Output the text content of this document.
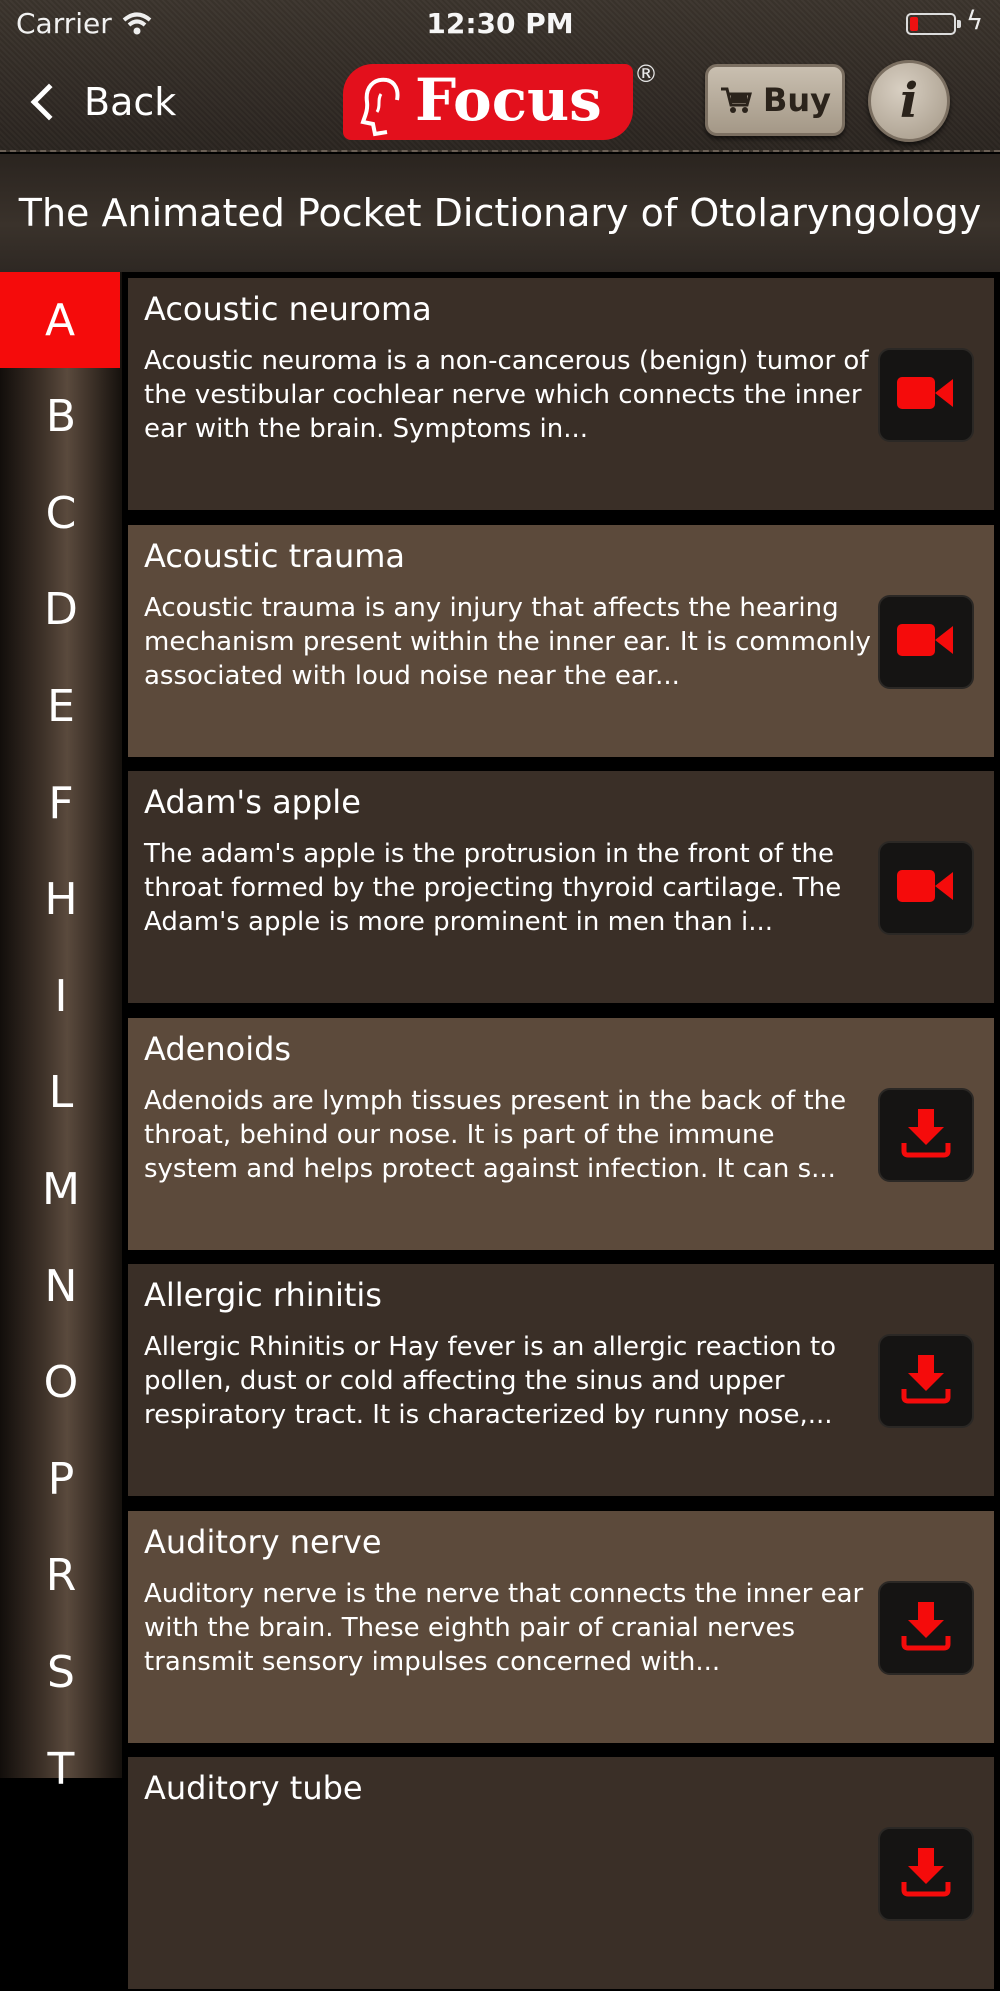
Carrier	12:30 PM	ϟ
Back	Focus ®
Buy i
The Animated Pocket Dictionary of Otolaryngology
A
B
C
D
E
F
H
I
L
M
N
O
P
R
S
T
Acoustic neuroma
Acoustic neuroma is a non-cancerous (benign) tumor of the vestibular cochlear nerve which connects the inner ear with the brain. Symptoms in...
Acoustic trauma
Acoustic trauma is any injury that affects the hearing mechanism present within the inner ear. It is commonly associated with loud noise near the ear...
Adam's apple
The adam's apple is the protrusion in the front of the throat formed by the projecting thyroid cartilage. The Adam's apple is more prominent in men than i...
Adenoids
Adenoids are lymph tissues present in the back of the throat, behind our nose. It is part of the immune system and helps protect against infection. It can s...
Allergic rhinitis
Allergic Rhinitis or Hay fever is an allergic reaction to pollen, dust or cold affecting the sinus and upper respiratory tract. It is characterized by runny nose,...
Auditory nerve
Auditory nerve is the nerve that connects the inner ear with the brain. These eighth pair of cranial nerves transmit sensory impulses concerned with...
Auditory tube
